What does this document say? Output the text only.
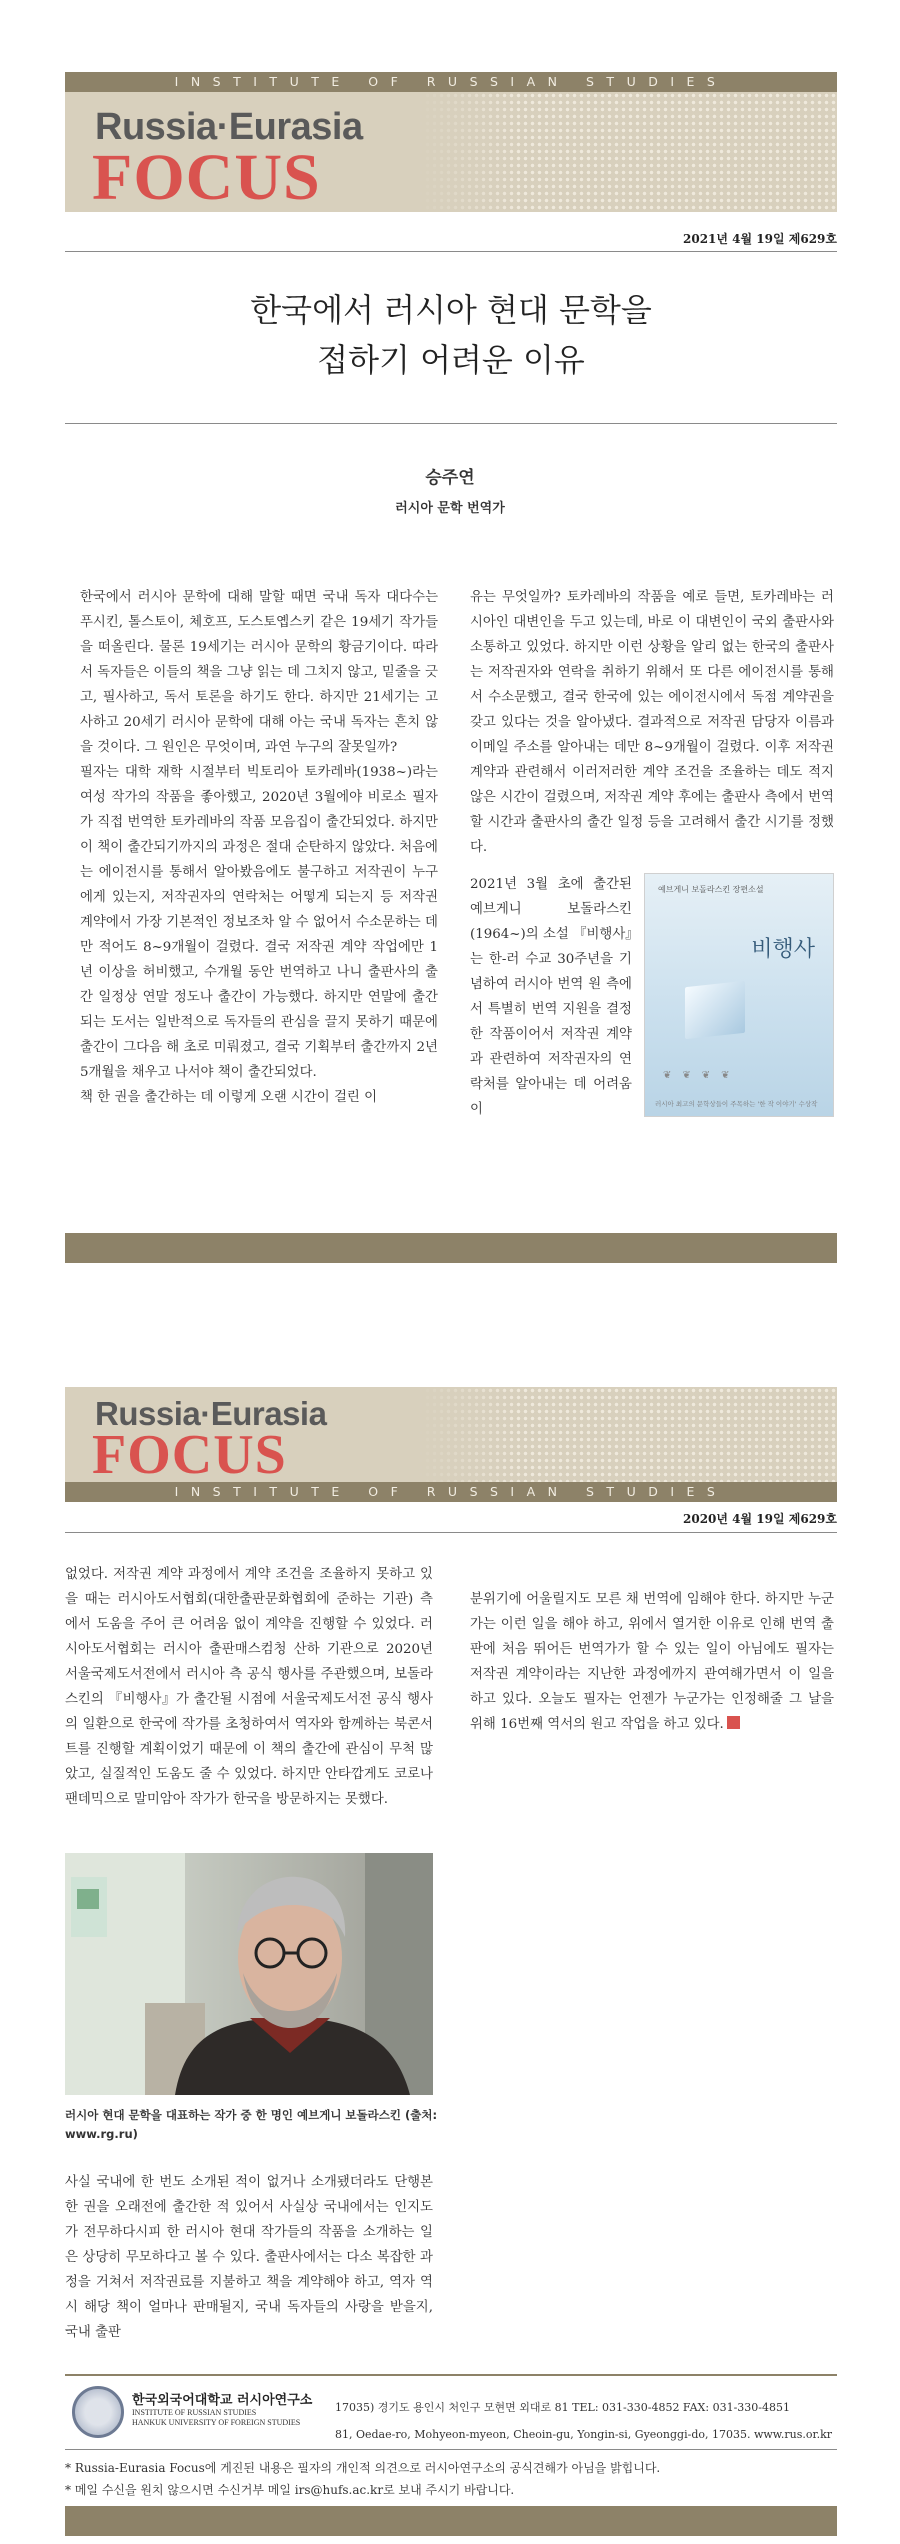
INSTITUTE OF RUSSIAN STUDIES
Russia·Eurasia
FOCUS
2021년 4월 19일 제629호
한국에서 러시아 현대 문학을
접하기 어려운 이유
승주연
러시아 문학 번역가
한국에서 러시아 문학에 대해 말할 때면 국내 독자 대다수는 푸시킨, 톨스토이, 체호프, 도스토옙스키 같은 19세기 작가들을 떠올린다. 물론 19세기는 러시아 문학의 황금기이다. 따라서 독자들은 이들의 책을 그냥 읽는 데 그치지 않고, 밑줄을 긋고, 필사하고, 독서 토론을 하기도 한다. 하지만 21세기는 고사하고 20세기 러시아 문학에 대해 아는 국내 독자는 흔치 않을 것이다. 그 원인은 무엇이며, 과연 누구의 잘못일까?
필자는 대학 재학 시절부터 빅토리아 토카레바(1938~)라는 여성 작가의 작품을 좋아했고, 2020년 3월에야 비로소 필자가 직접 번역한 토카레바의 작품 모음집이 출간되었다. 하지만 이 책이 출간되기까지의 과정은 절대 순탄하지 않았다. 처음에는 에이전시를 통해서 알아봤음에도 불구하고 저작권이 누구에게 있는지, 저작권자의 연락처는 어떻게 되는지 등 저작권 계약에서 가장 기본적인 정보조차 알 수 없어서 수소문하는 데만 적어도 8~9개월이 걸렸다. 결국 저작권 계약 작업에만 1년 이상을 허비했고, 수개월 동안 번역하고 나니 출판사의 출간 일정상 연말 정도나 출간이 가능했다. 하지만 연말에 출간되는 도서는 일반적으로 독자들의 관심을 끌지 못하기 때문에 출간이 그다음 해 초로 미뤄졌고, 결국 기획부터 출간까지 2년 5개월을 채우고 나서야 책이 출간되었다.
책 한 권을 출간하는 데 이렇게 오랜 시간이 걸린 이
유는 무엇일까? 토카레바의 작품을 예로 들면, 토카레바는 러시아인 대변인을 두고 있는데, 바로 이 대변인이 국외 출판사와 소통하고 있었다. 하지만 이런 상황을 알리 없는 한국의 출판사는 저작권자와 연락을 취하기 위해서 또 다른 에이전시를 통해서 수소문했고, 결국 한국에 있는 에이전시에서 독점 계약권을 갖고 있다는 것을 알아냈다. 결과적으로 저작권 담당자 이름과 이메일 주소를 알아내는 데만 8~9개월이 걸렸다. 이후 저작권 계약과 관련해서 이러저러한 계약 조건을 조율하는 데도 적지 않은 시간이 걸렸으며, 저작권 계약 후에는 출판사 측에서 번역할 시간과 출판사의 출간 일정 등을 고려해서 출간 시기를 정했다.
2021년 3월 초에 출간된 예브게니 보돌라스킨(1964~)의 소설 『비행사』는 한-러 수교 30주년을 기념하여 러시아 번역 원 측에서 특별히 번역 지원을 결정한 작품이어서 저작권 계약과 관련하여 저작권자의 연락처를 알아내는 데 어려움이
예브게니 보돌라스킨 장편소설
비행사
❦❦❦❦
러시아 최고의 문학상들이 주목하는 '한 작 이야기' 수상작
Russia·Eurasia
FOCUS
INSTITUTE OF RUSSIAN STUDIES
2020년 4월 19일 제629호
없었다. 저작권 계약 과정에서 계약 조건을 조율하지 못하고 있을 때는 러시아도서협회(대한출판문화협회에 준하는 기관) 측에서 도움을 주어 큰 어려움 없이 계약을 진행할 수 있었다. 러시아도서협회는 러시아 출판매스컴청 산하 기관으로 2020년 서울국제도서전에서 러시아 측 공식 행사를 주관했으며, 보돌라스킨의 『비행사』가 출간될 시점에 서울국제도서전 공식 행사의 일환으로 한국에 작가를 초청하여서 역자와 함께하는 북콘서트를 진행할 계획이었기 때문에 이 책의 출간에 관심이 무척 많았고, 실질적인 도움도 줄 수 있었다. 하지만 안타깝게도 코로나 팬데믹으로 말미암아 작가가 한국을 방문하지는 못했다.

분위기에 어울릴지도 모른 채 번역에 임해야 한다. 하지만 누군가는 이런 일을 해야 하고, 위에서 열거한 이유로 인해 번역 출판에 처음 뛰어든 번역가가 할 수 있는 일이 아님에도 필자는 저작권 계약이라는 지난한 과정에까지 관여해가면서 이 일을 하고 있다. 오늘도 필자는 언젠가 누군가는 인정해줄 그 날을 위해 16번째 역서의 원고 작업을 하고 있다.

러시아 현대 문학을 대표하는 작가 중 한 명인 예브게니 보돌라스킨 (출처: www.rg.ru)
사실 국내에 한 번도 소개된 적이 없거나 소개됐더라도 단행본 한 권을 오래전에 출간한 적 있어서 사실상 국내에서는 인지도가 전무하다시피 한 러시아 현대 작가들의 작품을 소개하는 일은 상당히 무모하다고 볼 수 있다. 출판사에서는 다소 복잡한 과정을 거쳐서 저작권료를 지불하고 책을 계약해야 하고, 역자 역시 해당 책이 얼마나 판매될지, 국내 독자들의 사랑을 받을지, 국내 출판
한국외국어대학교 러시아연구소
INSTITUTE OF RUSSIAN STUDIES
HANKUK UNIVERSITY OF FOREIGN STUDIES
17035) 경기도 용인시 처인구 모현면 외대로 81 TEL: 031-330-4852 FAX: 031-330-4851
81, Oedae-ro, Mohyeon-myeon, Cheoin-gu, Yongin-si, Gyeonggi-do, 17035. www.rus.or.kr
* Russia-Eurasia Focus에 게진된 내용은 필자의 개인적 의견으로 러시아연구소의 공식견해가 아님을 밝힙니다.
* 메일 수신을 원치 않으시면 수신거부 메일 irs@hufs.ac.kr로 보내 주시기 바랍니다.
